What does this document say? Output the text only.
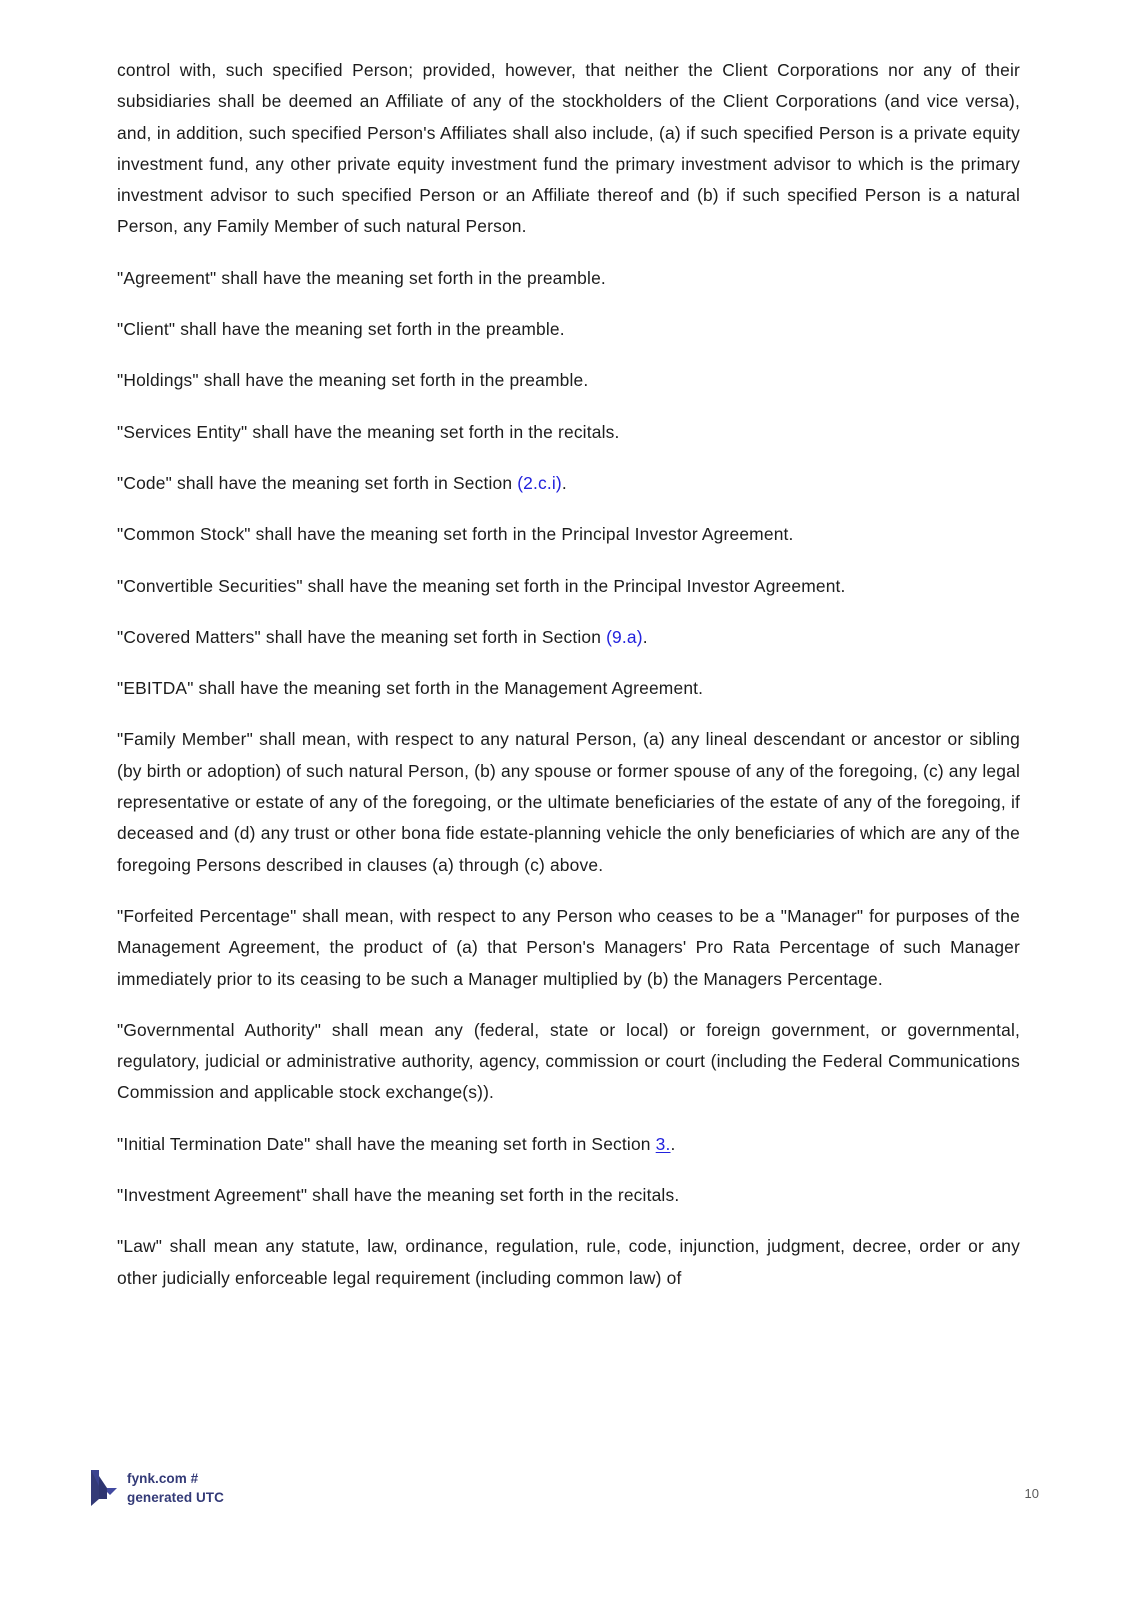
control with, such specified Person; provided, however, that neither the Client Corporations nor any of their subsidiaries shall be deemed an Affiliate of any of the stockholders of the Client Corporations (and vice versa), and, in addition, such specified Person's Affiliates shall also include, (a) if such specified Person is a private equity investment fund, any other private equity investment fund the primary investment advisor to which is the primary investment advisor to such specified Person or an Affiliate thereof and (b) if such specified Person is a natural Person, any Family Member of such natural Person.

"Agreement" shall have the meaning set forth in the preamble.

"Client" shall have the meaning set forth in the preamble.

"Holdings" shall have the meaning set forth in the preamble.

"Services Entity" shall have the meaning set forth in the recitals.

"Code" shall have the meaning set forth in Section (2.c.i).

"Common Stock" shall have the meaning set forth in the Principal Investor Agreement.

"Convertible Securities" shall have the meaning set forth in the Principal Investor Agreement.

"Covered Matters" shall have the meaning set forth in Section (9.a).

"EBITDA" shall have the meaning set forth in the Management Agreement.

"Family Member" shall mean, with respect to any natural Person, (a) any lineal descendant or ancestor or sibling (by birth or adoption) of such natural Person, (b) any spouse or former spouse of any of the foregoing, (c) any legal representative or estate of any of the foregoing, or the ultimate beneficiaries of the estate of any of the foregoing, if deceased and (d) any trust or other bona fide estate-planning vehicle the only beneficiaries of which are any of the foregoing Persons described in clauses (a) through (c) above.

"Forfeited Percentage" shall mean, with respect to any Person who ceases to be a "Manager" for purposes of the Management Agreement, the product of (a) that Person's Managers' Pro Rata Percentage of such Manager immediately prior to its ceasing to be such a Manager multiplied by (b) the Managers Percentage.

"Governmental Authority" shall mean any (federal, state or local) or foreign government, or governmental, regulatory, judicial or administrative authority, agency, commission or court (including the Federal Communications Commission and applicable stock exchange(s)).

"Initial Termination Date" shall have the meaning set forth in Section 3..

"Investment Agreement" shall have the meaning set forth in the recitals.

"Law" shall mean any statute, law, ordinance, regulation, rule, code, injunction, judgment, decree, order or any other judicially enforceable legal requirement (including common law) of

fynk.com #
generated UTC	10
